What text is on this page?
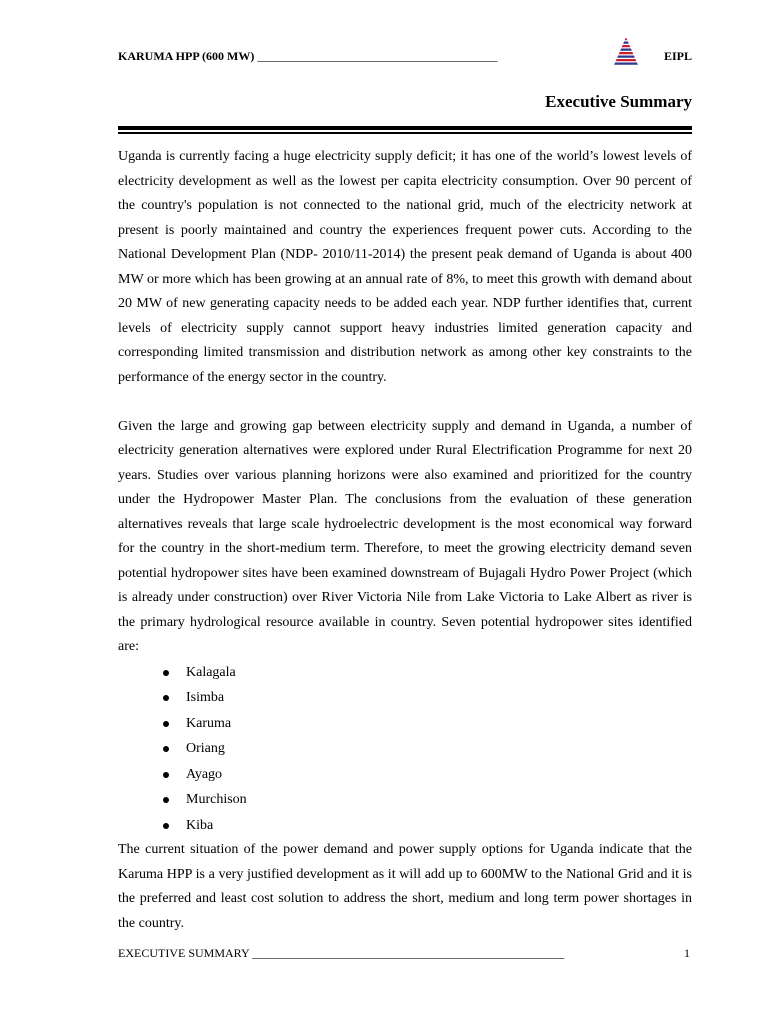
KARUMA HPP (600 MW) ________________________________________	EIPL
Executive Summary

Uganda is currently facing a huge electricity supply deficit; it has one of the world’s lowest levels of electricity development as well as the lowest per capita electricity consumption. Over 90 percent of the country's population is not connected to the national grid, much of the electricity network at present is poorly maintained and country the experiences frequent power cuts. According to the National Development Plan (NDP- 2010/11-2014) the present peak demand of Uganda is about 400 MW or more which has been growing at an annual rate of 8%, to meet this growth with demand about 20 MW of new generating capacity needs to be added each year. NDP further identifies that, current levels of electricity supply cannot support heavy industries limited generation capacity and corresponding limited transmission and distribution network as among other key constraints to the performance of the energy sector in the country.

Given the large and growing gap between electricity supply and demand in Uganda, a number of electricity generation alternatives were explored under Rural Electrification Programme for next 20 years. Studies over various planning horizons were also examined and prioritized for the country under the Hydropower Master Plan. The conclusions from the evaluation of these generation alternatives reveals that large scale hydroelectric development is the most economical way forward for the country in the short-medium term. Therefore, to meet the growing electricity demand seven potential hydropower sites have been examined downstream of Bujagali Hydro Power Project (which is already under construction) over River Victoria Nile from Lake Victoria to Lake Albert as river is the primary hydrological resource available in country. Seven potential hydropower sites identified are:

Kalagala
Isimba
Karuma
Oriang
Ayago
Murchison
Kiba

The current situation of the power demand and power supply options for Uganda indicate that the Karuma HPP is a very justified development as it will add up to 600MW to the National Grid and it is the preferred and least cost solution to address the short, medium and long term power shortages in the country.

EXECUTIVE SUMMARY ____________________________________________________	1
